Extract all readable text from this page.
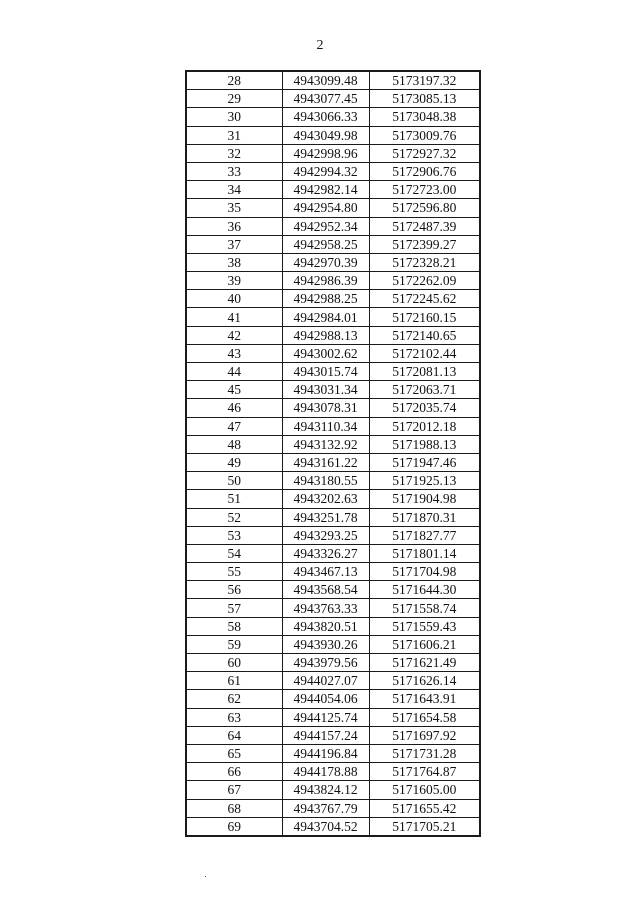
2
28	4943099.48	5173197.32
29	4943077.45	5173085.13
30	4943066.33	5173048.38
31	4943049.98	5173009.76
32	4942998.96	5172927.32
33	4942994.32	5172906.76
34	4942982.14	5172723.00
35	4942954.80	5172596.80
36	4942952.34	5172487.39
37	4942958.25	5172399.27
38	4942970.39	5172328.21
39	4942986.39	5172262.09
40	4942988.25	5172245.62
41	4942984.01	5172160.15
42	4942988.13	5172140.65
43	4943002.62	5172102.44
44	4943015.74	5172081.13
45	4943031.34	5172063.71
46	4943078.31	5172035.74
47	4943110.34	5172012.18
48	4943132.92	5171988.13
49	4943161.22	5171947.46
50	4943180.55	5171925.13
51	4943202.63	5171904.98
52	4943251.78	5171870.31
53	4943293.25	5171827.77
54	4943326.27	5171801.14
55	4943467.13	5171704.98
56	4943568.54	5171644.30
57	4943763.33	5171558.74
58	4943820.51	5171559.43
59	4943930.26	5171606.21
60	4943979.56	5171621.49
61	4944027.07	5171626.14
62	4944054.06	5171643.91
63	4944125.74	5171654.58
64	4944157.24	5171697.92
65	4944196.84	5171731.28
66	4944178.88	5171764.87
67	4943824.12	5171605.00
68	4943767.79	5171655.42
69	4943704.52	5171705.21
